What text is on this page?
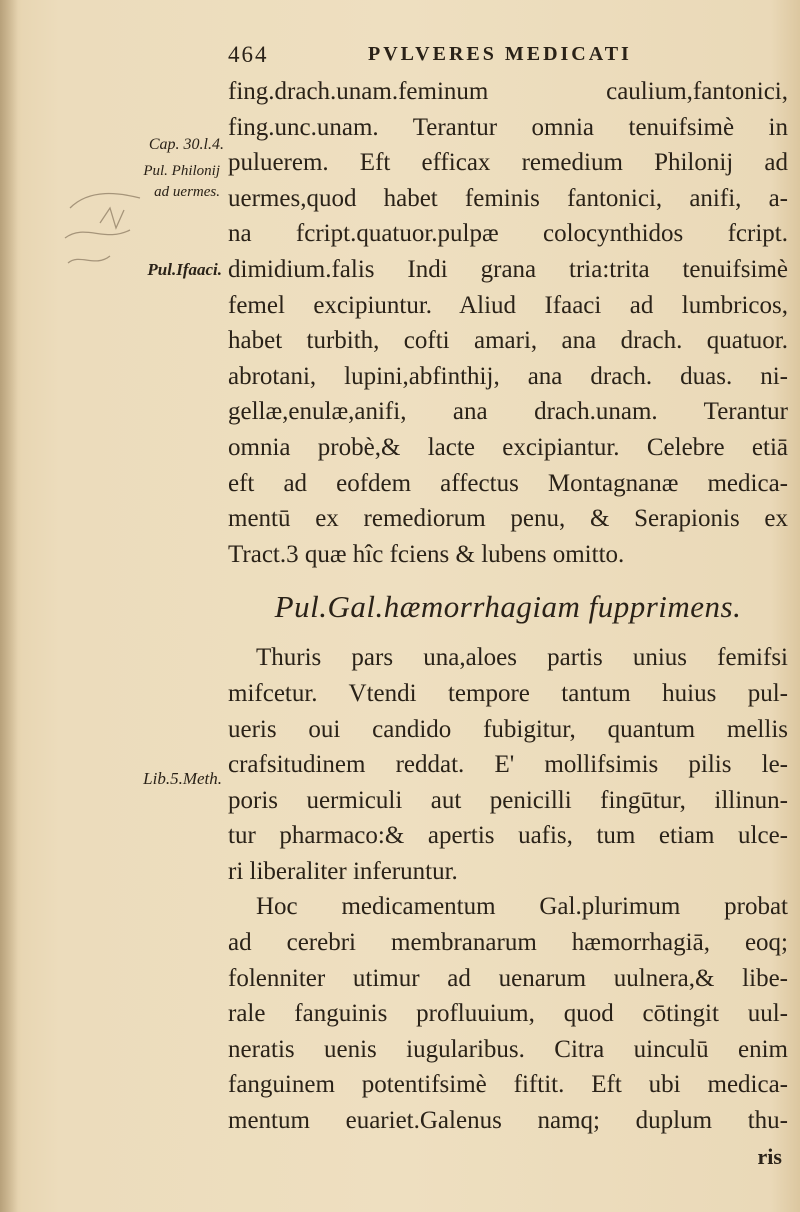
464	PVLVERES MEDICATI
Cap. 30.l.4.
Pul. Philonij
ad uermes.
Pul.Ifaaci.
Lib.5.Meth.
fing.drach.unam.feminum caulium,fantonici,
fing.unc.unam. Terantur omnia tenuifsimè in
puluerem. Eft efficax remedium Philonij ad
uermes,quod habet feminis fantonici, anifi, a-
na fcript.quatuor.pulpæ colocynthidos fcript.
dimidium.falis Indi grana tria:trita tenuifsimè
femel excipiuntur. Aliud Ifaaci ad lumbricos,
habet turbith, cofti amari, ana drach. quatuor.
abrotani, lupini,abfinthij, ana drach. duas. ni-
gellæ,enulæ,anifi, ana drach.unam. Terantur
omnia probè,& lacte excipiantur. Celebre etiā
eft ad eofdem affectus Montagnanæ medica-
mentū ex remediorum penu, & Serapionis ex
Tract.3 quæ hîc fciens & lubens omitto.
Pul.Gal.hæmorrhagiam fupprimens.
Thuris pars una,aloes partis unius femifsi
mifcetur. Vtendi tempore tantum huius pul-
ueris oui candido fubigitur, quantum mellis
crafsitudinem reddat. E' mollifsimis pilis le-
poris uermiculi aut penicilli fingūtur, illinun-
tur pharmaco:& apertis uafis, tum etiam ulce-
ri liberaliter inferuntur.
Hoc medicamentum Gal.plurimum probat
ad cerebri membranarum hæmorrhagiā, eoq;
folenniter utimur ad uenarum uulnera,& libe-
rale fanguinis profluuium, quod cōtingit uul-
neratis uenis iugularibus. Citra uinculū enim
fanguinem potentifsimè fiftit. Eft ubi medica-
mentum euariet.Galenus namq; duplum thu-
ris
